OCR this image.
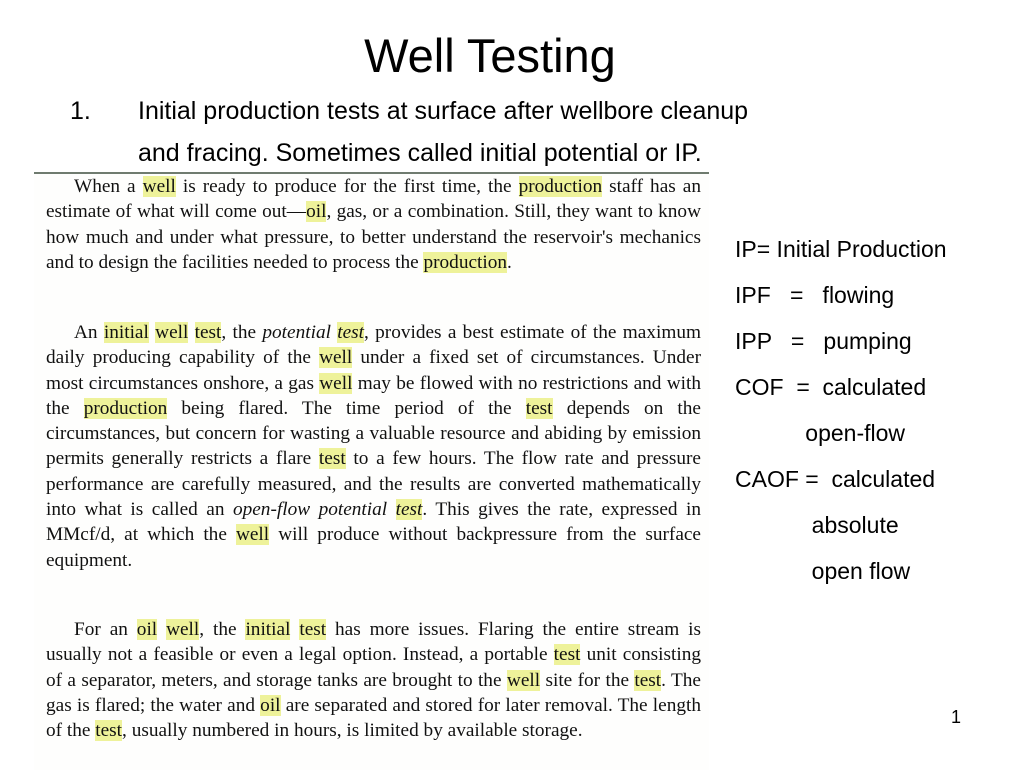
Well Testing
1. Initial production tests at surface after wellbore cleanup
and fracing. Sometimes called initial potential or IP.

When a well is ready to produce for the first time, the production staff has an estimate of what will come out—oil, gas, or a combination. Still, they want to know how much and under what pressure, to better understand the reservoir's mechanics and to design the facilities needed to process the production.

An initial well test, the potential test, provides a best estimate of the maximum daily producing capability of the well under a fixed set of circumstances. Under most circumstances onshore, a gas well may be flowed with no restrictions and with the production being flared. The time period of the test depends on the circumstances, but concern for wasting a valuable resource and abiding by emission permits generally restricts a flare test to a few hours. The flow rate and pressure performance are carefully measured, and the results are converted mathematically into what is called an open-flow potential test. This gives the rate, expressed in MMcf/d, at which the well will produce without backpressure from the surface equipment.

For an oil well, the initial test has more issues. Flaring the entire stream is usually not a feasible or even a legal option. Instead, a portable test unit consisting of a separator, meters, and storage tanks are brought to the well site for the test. The gas is flared; the water and oil are separated and stored for later removal. The length of the test, usually numbered in hours, is limited by available storage.

IP= Initial Production
IPF   =   flowing
IPP   =   pumping
COF  =  calculated
open-flow
CAOF =  calculated
absolute
open flow
1
